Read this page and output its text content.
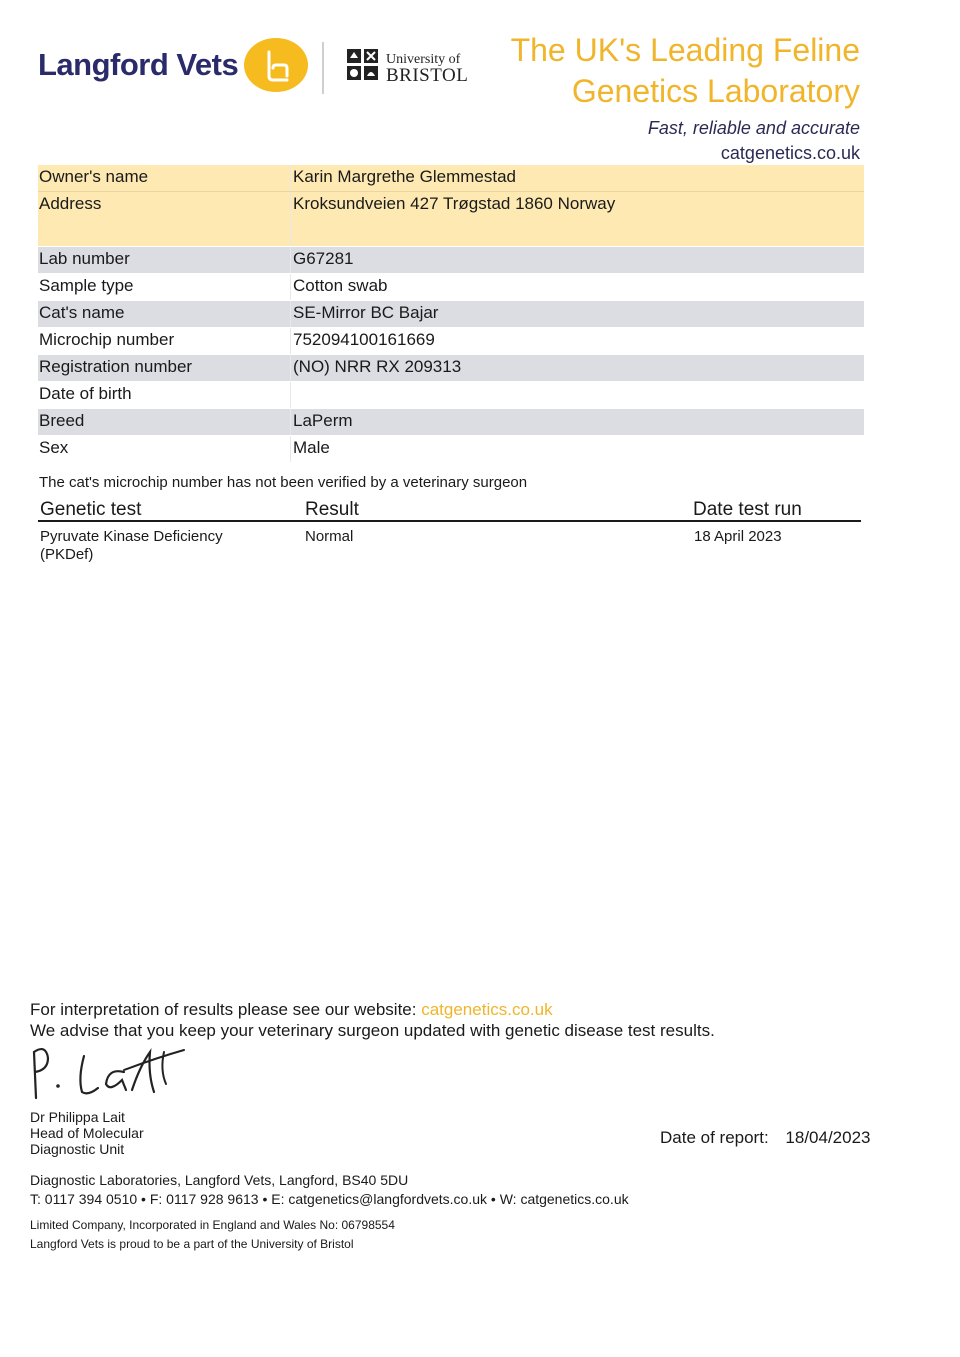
Langford Vets	University of
BRISTOL
The UK's Leading Feline
Genetics Laboratory
Fast, reliable and accurate
catgenetics.co.uk
Owner's name	Karin Margrethe Glemmestad
Address	Kroksundveien 427 Trøgstad 1860 Norway
Lab number	G67281
Sample type	Cotton swab
Cat's name	SE-Mirror BC Bajar
Microchip number	752094100161669
Registration number	(NO) NRR RX 209313
Date of birth
Breed	LaPerm
Sex	Male
The cat's microchip number has not been verified by a veterinary surgeon
Genetic test	Result	Date test run
Pyruvate Kinase Deficiency
(PKDef)
Normal	18 April 2023
For interpretation of results please see our website: catgenetics.co.uk
We advise that you keep your veterinary surgeon updated with genetic disease test results.
Dr Philippa Lait
Head of Molecular
Diagnostic Unit
Date of report: 18/04/2023
Diagnostic Laboratories, Langford Vets, Langford, BS40 5DU
T: 0117 394 0510 • F: 0117 928 9613 • E: catgenetics@langfordvets.co.uk • W: catgenetics.co.uk
Limited Company, Incorporated in England and Wales No: 06798554
Langford Vets is proud to be a part of the University of Bristol
